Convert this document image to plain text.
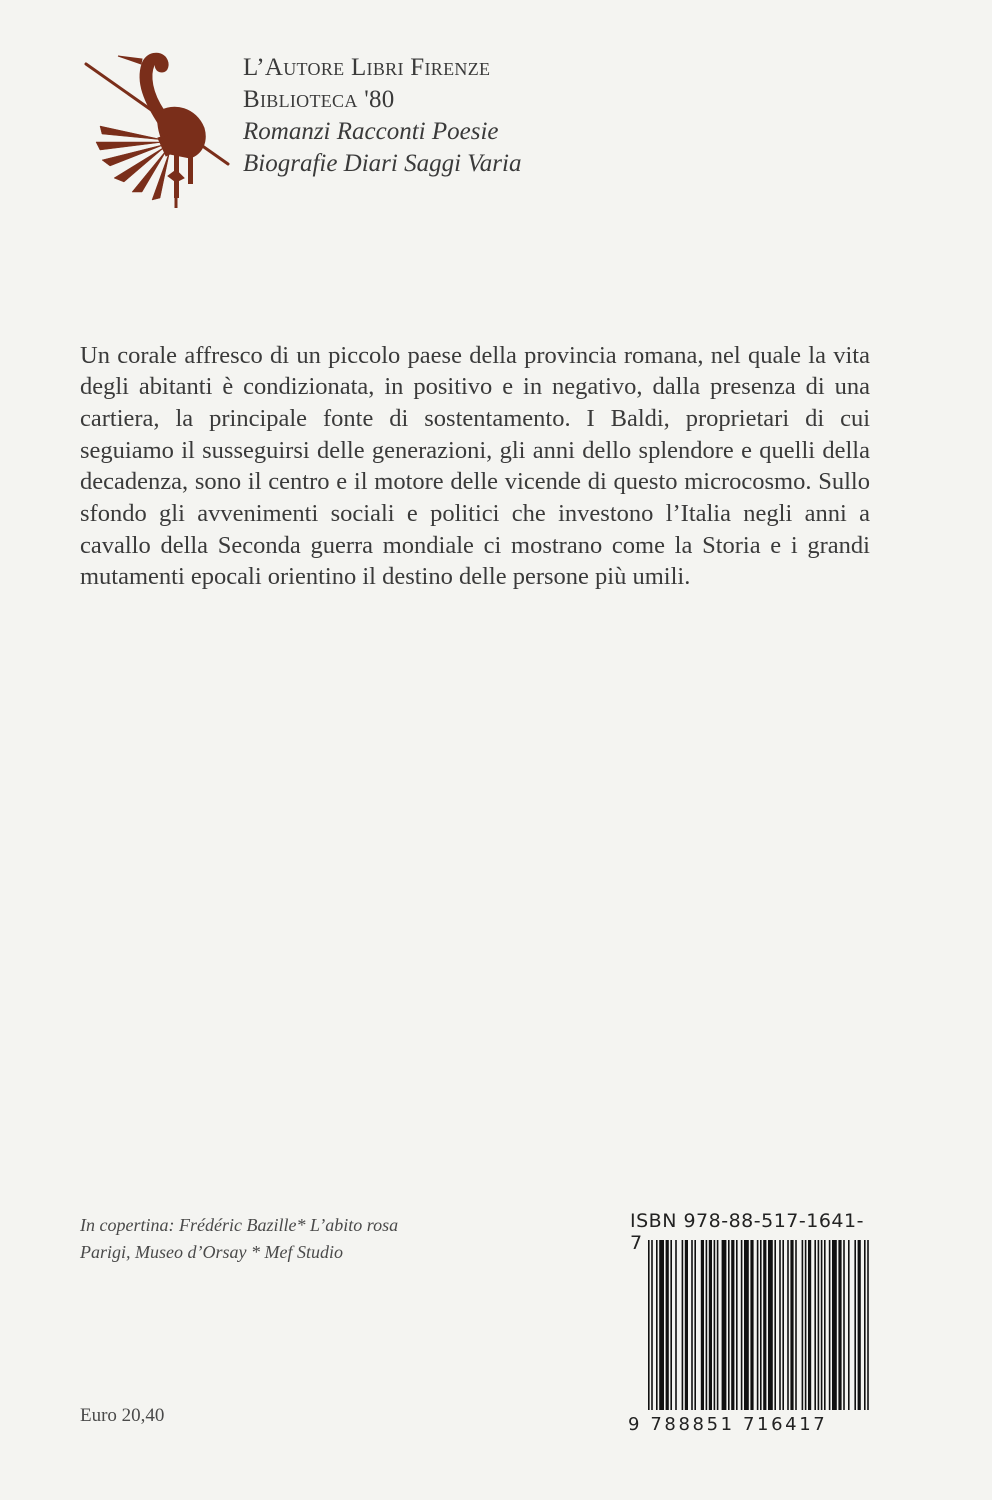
L’Autore Libri Firenze
Biblioteca '80
Romanzi Racconti Poesie
Biografie Diari Saggi Varia

Un corale affresco di un piccolo paese della provincia romana, nel quale la vita degli abitanti è condizionata, in positivo e in negativo, dalla presenza di una cartiera, la principale fonte di sostentamento. I Baldi, proprietari di cui seguiamo il susseguirsi delle generazioni, gli anni dello splendore e quelli della decadenza, sono il centro e il motore delle vicende di questo microcosmo. Sullo sfondo gli avvenimenti sociali e politici che investono l’Italia negli anni a cavallo della Seconda guerra mondiale ci mostrano come la Storia e i grandi mutamenti epocali orientino il destino delle persone più umili.

In copertina: Frédéric Bazille* L’abito rosa
Parigi, Museo d’Orsay * Mef Studio
Euro 20,40
ISBN 978-88-517-1641-7
9 788851 716417
